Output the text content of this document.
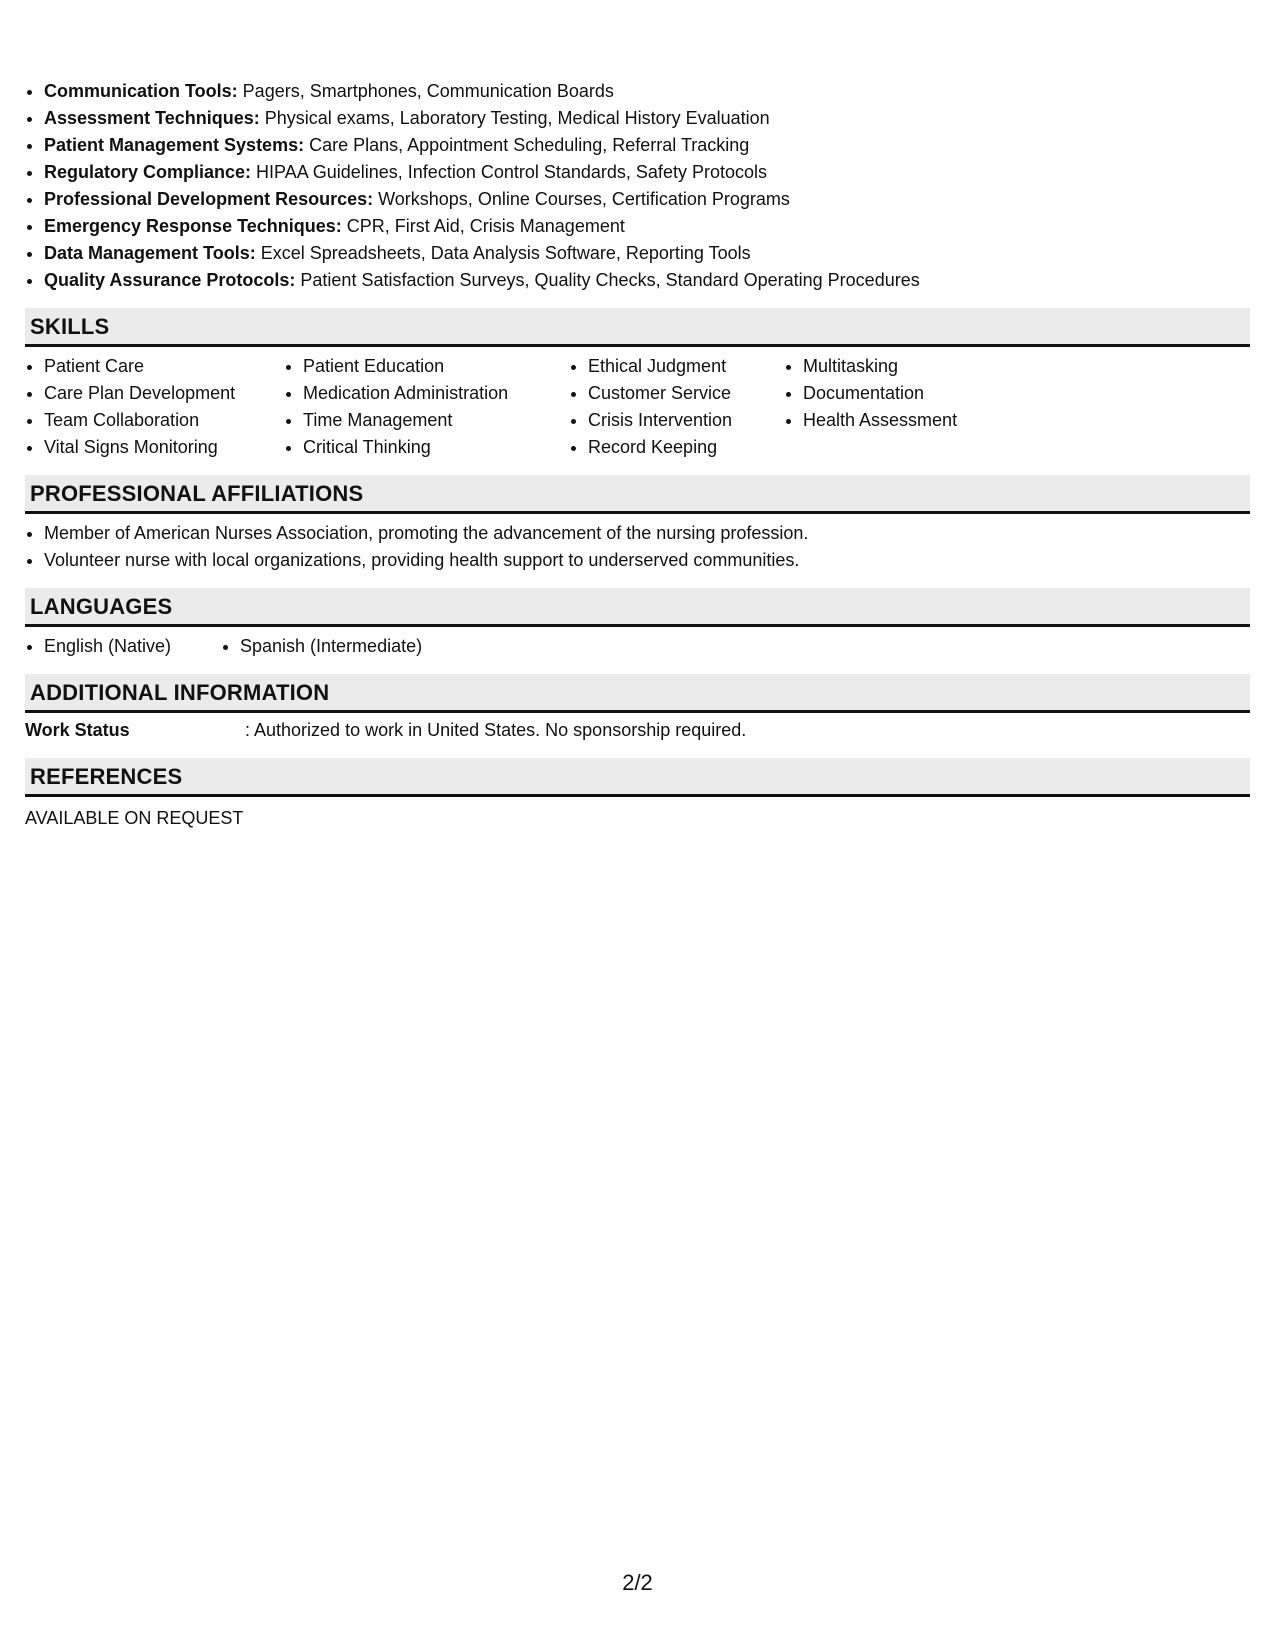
• Communication Tools: Pagers, Smartphones, Communication Boards
• Assessment Techniques: Physical exams, Laboratory Testing, Medical History Evaluation
• Patient Management Systems: Care Plans, Appointment Scheduling, Referral Tracking
• Regulatory Compliance: HIPAA Guidelines, Infection Control Standards, Safety Protocols
• Professional Development Resources: Workshops, Online Courses, Certification Programs
• Emergency Response Techniques: CPR, First Aid, Crisis Management
• Data Management Tools: Excel Spreadsheets, Data Analysis Software, Reporting Tools
• Quality Assurance Protocols: Patient Satisfaction Surveys, Quality Checks, Standard Operating Procedures
SKILLS
• Patient Care
• Care Plan Development
• Team Collaboration
• Vital Signs Monitoring
• Patient Education
• Medication Administration
• Time Management
• Critical Thinking
• Ethical Judgment
• Customer Service
• Crisis Intervention
• Record Keeping
• Multitasking
• Documentation
• Health Assessment
PROFESSIONAL AFFILIATIONS
• Member of American Nurses Association, promoting the advancement of the nursing profession.
• Volunteer nurse with local organizations, providing health support to underserved communities.
LANGUAGES
• English (Native)
•	Spanish (Intermediate)
ADDITIONAL INFORMATION
Work Status	: Authorized to work in United States. No sponsorship required.
REFERENCES
AVAILABLE ON REQUEST
2/2
